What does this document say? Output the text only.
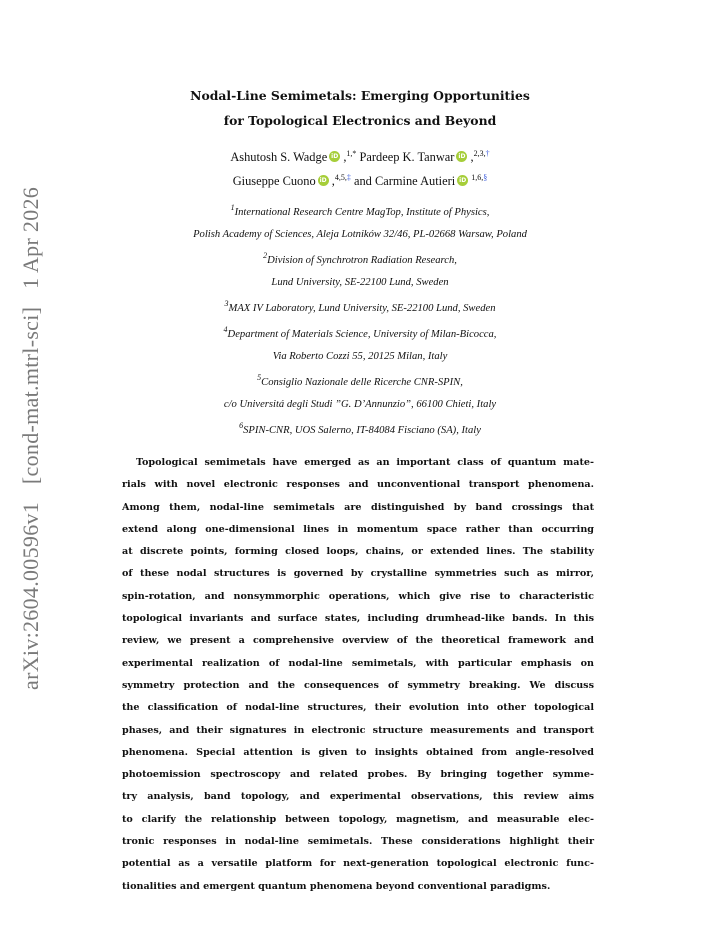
arXiv:2604.00596v1 [cond-mat.mtrl-sci] 1 Apr 2026
Nodal-Line Semimetals: Emerging Opportunities
for Topological Electronics and Beyond
Ashutosh S. Wadge iD ,$^{1,*}$ Pardeep K. Tanwar iD ,$^{2,3,\dagger}$
Giuseppe Cuono iD ,$^{4,5,\ddagger}$ and Carmine Autieri iD $^{1,6,\S}$
$^1$International Research Centre MagTop, Institute of Physics,
Polish Academy of Sciences, Aleja Lotników 32/46, PL-02668 Warsaw, Poland
$^2$Division of Synchrotron Radiation Research,
Lund University, SE-22100 Lund, Sweden
$^3$MAX IV Laboratory, Lund University, SE-22100 Lund, Sweden
$^4$Department of Materials Science, University of Milan-Bicocca,
Via Roberto Cozzi 55, 20125 Milan, Italy
$^5$Consiglio Nazionale delle Ricerche CNR-SPIN,
c/o Universitá degli Studi ”G. D’Annunzio”, 66100 Chieti, Italy
$^6$SPIN-CNR, UOS Salerno, IT-84084 Fisciano (SA), Italy
Topological semimetals have emerged as an important class of quantum mate-
rials with novel electronic responses and unconventional transport phenomena.
Among them, nodal-line semimetals are distinguished by band crossings that
extend along one-dimensional lines in momentum space rather than occurring
at discrete points, forming closed loops, chains, or extended lines. The stability
of these nodal structures is governed by crystalline symmetries such as mirror,
spin-rotation, and nonsymmorphic operations, which give rise to characteristic
topological invariants and surface states, including drumhead-like bands. In this
review, we present a comprehensive overview of the theoretical framework and
experimental realization of nodal-line semimetals, with particular emphasis on
symmetry protection and the consequences of symmetry breaking. We discuss
the classification of nodal-line structures, their evolution into other topological
phases, and their signatures in electronic structure measurements and transport
phenomena. Special attention is given to insights obtained from angle-resolved
photoemission spectroscopy and related probes. By bringing together symme-
try analysis, band topology, and experimental observations, this review aims
to clarify the relationship between topology, magnetism, and measurable elec-
tronic responses in nodal-line semimetals. These considerations highlight their
potential as a versatile platform for next-generation topological electronic func-
tionalities and emergent quantum phenomena beyond conventional paradigms.
